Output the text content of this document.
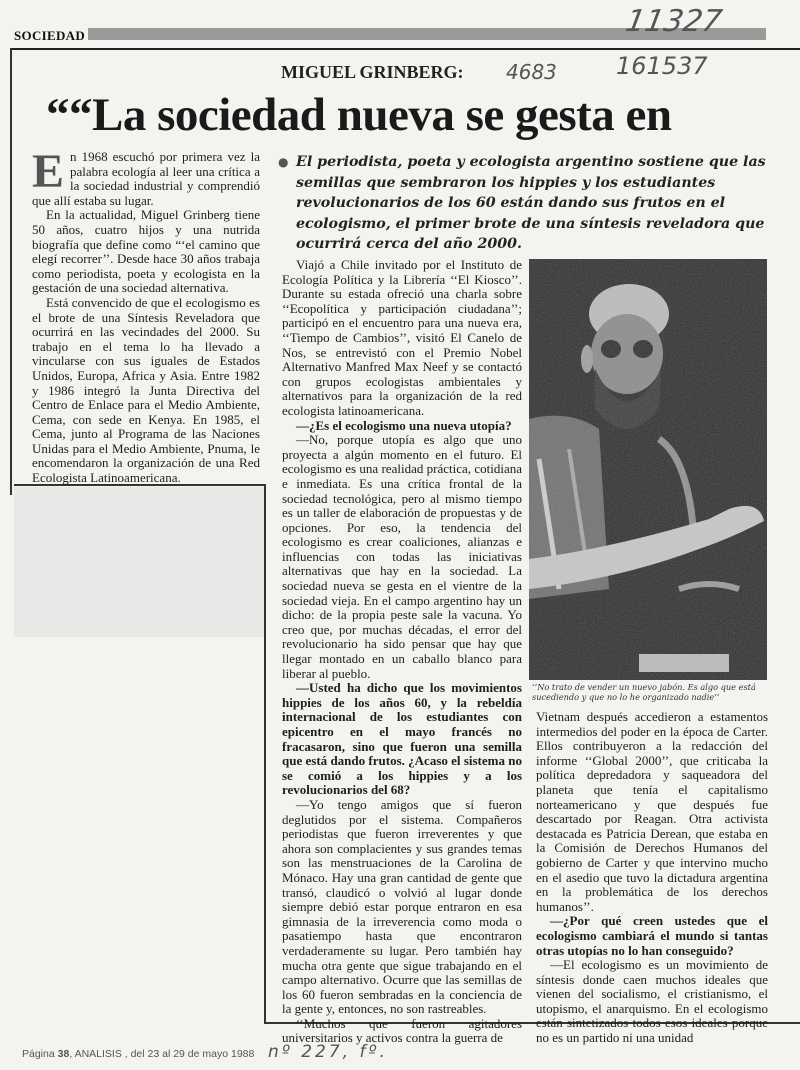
SOCIEDAD	11327
4683 161537
nº 227, fº.
MIGUEL GRINBERG:
““La sociedad nueva se gesta en
● El periodista, poeta y ecologista argentino sostiene que las semillas que sembraron los hippies y los estudiantes revolucionarios de los 60 están dando sus frutos en el ecologismo, el primer brote de una síntesis reveladora que ocurrirá cerca del año 2000.

En 1968 escuchó por primera vez la palabra ecología al leer una crítica a la sociedad industrial y comprendió que allí estaba su lugar.

En la actualidad, Miguel Grinberg tiene 50 años, cuatro hijos y una nutrida biografía que define como “‘el camino que elegí recorrer’’. Desde hace 30 años trabaja como periodista, poeta y ecologista en la gestación de una sociedad alternativa.

Está convencido de que el ecologismo es el brote de una Síntesis Reveladora que ocurrirá en las vecindades del 2000. Su trabajo en el tema lo ha llevado a vincularse con sus iguales de Estados Unidos, Europa, Africa y Asia. Entre 1982 y 1986 integró la Junta Directiva del Centro de Enlace para el Medio Ambiente, Cema, con sede en Kenya. En 1985, el Cema, junto al Programa de las Naciones Unidas para el Medio Ambiente, Pnuma, le encomendaron la organización de una Red Ecologista Latinoamericana.

Viajó a Chile invitado por el Instituto de Ecología Política y la Librería ‘‘El Kiosco’’. Durante su estada ofreció una charla sobre ‘‘Ecopolítica y participación ciudadana’’; participó en el encuentro para una nueva era, ‘‘Tiempo de Cambios’’, visitó El Canelo de Nos, se entrevistó con el Premio Nobel Alternativo Manfred Max Neef y se contactó con grupos ecologistas ambientales y alternativos para la organización de la red ecologista latinoamericana.

—¿Es el ecologismo una nueva utopía?

—No, porque utopía es algo que uno proyecta a algún momento en el futuro. El ecologismo es una realidad práctica, cotidiana e inmediata. Es una crítica frontal de la sociedad tecnológica, pero al mismo tiempo es un taller de elaboración de propuestas y de opciones. Por eso, la tendencia del ecologismo es crear coaliciones, alianzas e influencias con todas las iniciativas alternativas que hay en la sociedad. La sociedad nueva se gesta en el vientre de la sociedad vieja. En el campo argentino hay un dicho: de la propia peste sale la vacuna. Yo creo que, por muchas décadas, el error del revolucionario ha sido pensar que hay que llegar montado en un caballo blanco para liberar al pueblo.

—Usted ha dicho que los movimientos hippies de los años 60, y la rebeldía internacional de los estudiantes con epicentro en el mayo francés no fracasaron, sino que fueron una semilla que está dando frutos. ¿Acaso el sistema no se comió a los hippies y a los revolucionarios del 68?

—Yo tengo amigos que sí fueron deglutidos por el sistema. Compañeros periodistas que fueron irreverentes y que ahora son complacientes y sus grandes temas son las menstruaciones de la Carolina de Mónaco. Hay una gran cantidad de gente que transó, claudicó o volvió al lugar donde siempre debió estar porque entraron en esa gimnasia de la irreverencia como moda o pasatiempo hasta que encontraron verdaderamente su lugar. Pero también hay mucha otra gente que sigue trabajando en el campo alternativo. Ocurre que las semillas de los 60 fueron sembradas en la conciencia de la gente y, entonces, no son rastreables.

‘‘Muchos que fueron agitadores universitarios y activos contra la guerra de

‘‘No trato de vender un nuevo jabón. Es algo que está sucediendo y que no lo he organizado nadie’’

Vietnam después accedieron a estamentos intermedios del poder en la época de Carter. Ellos contribuyeron a la redacción del informe ‘‘Global 2000’’, que criticaba la política depredadora y saqueadora del planeta que tenía el capitalismo norteamericano y que después fue descartado por Reagan. Otra activista destacada es Patricia Derean, que estaba en la Comisión de Derechos Humanos del gobierno de Carter y que intervino mucho en el asedio que tuvo la dictadura argentina en la problemática de los derechos humanos’’.

—¿Por qué creen ustedes que el ecologismo cambiará el mundo si tantas otras utopías no lo han conseguido?

—El ecologismo es un movimiento de síntesis donde caen muchos ideales que vienen del socialismo, el cristianismo, el utopismo, el anarquismo. En el ecologismo están sintetizados todos esos ideales porque no es un partido ni una unidad

Página 38, ANALISIS , del 23 al 29 de mayo 1988
